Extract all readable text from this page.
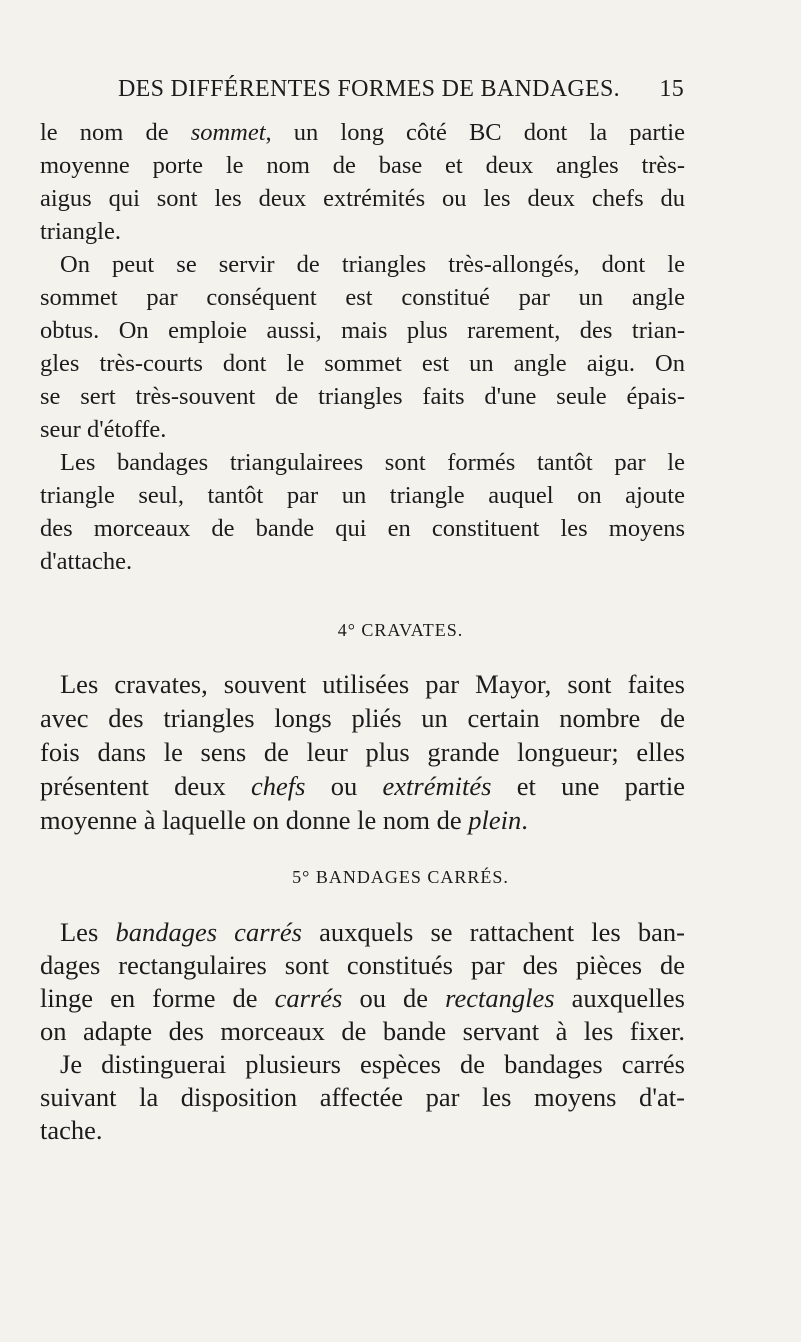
DES DIFFÉRENTES FORMES DE BANDAGES. 15
le nom de sommet, un long côté BC dont la partie
moyenne porte le nom de base et deux angles très-
aigus qui sont les deux extrémités ou les deux chefs du
triangle.
On peut se servir de triangles très-allongés, dont le
sommet par conséquent est constitué par un angle
obtus. On emploie aussi, mais plus rarement, des trian-
gles très-courts dont le sommet est un angle aigu. On
se sert très-souvent de triangles faits d'une seule épais-
seur d'étoffe.
Les bandages triangulairees sont formés tantôt par le
triangle seul, tantôt par un triangle auquel on ajoute
des morceaux de bande qui en constituent les moyens
d'attache.
4° CRAVATES.
Les cravates, souvent utilisées par Mayor, sont faites
avec des triangles longs pliés un certain nombre de
fois dans le sens de leur plus grande longueur; elles
présentent deux chefs ou extrémités et une partie
moyenne à laquelle on donne le nom de plein.
5° BANDAGES CARRÉS.
Les bandages carrés auxquels se rattachent les ban-
dages rectangulaires sont constitués par des pièces de
linge en forme de carrés ou de rectangles auxquelles
on adapte des morceaux de bande servant à les fixer.
Je distinguerai plusieurs espèces de bandages carrés
suivant la disposition affectée par les moyens d'at-
tache.
